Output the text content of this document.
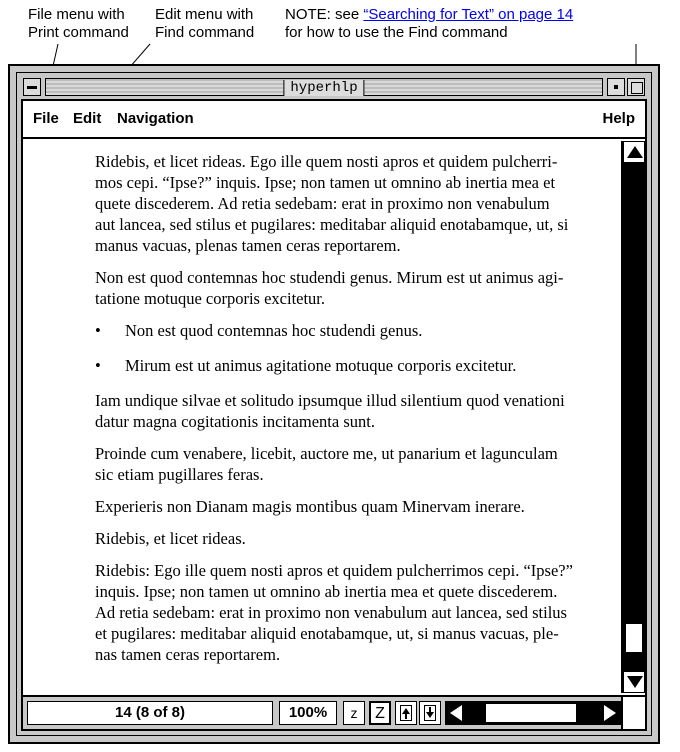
File menu with
Print command
Edit menu with
Find command
NOTE: see “Searching for Text” on page 14
for how to use the Find command
hyperhlp
File Edit Navigation	Help

Ridebis, et licet rideas. Ego ille quem nosti apros et quidem pulcherri-
mos cepi. “Ipse?” inquis. Ipse; non tamen ut omnino ab inertia mea et
quete discederem. Ad retia sedebam: erat in proximo non venabulum
aut lancea, sed stilus et pugilares: meditabar aliquid enotabamque, ut, si
manus vacuas, plenas tamen ceras reportarem.

Non est quod contemnas hoc studendi genus. Mirum est ut animus agi-
tatione motuque corporis excitetur.

• Non est quod contemnas hoc studendi genus.
• Mirum est ut animus agitatione motuque corporis excitetur.

Iam undique silvae et solitudo ipsumque illud silentium quod venationi
datur magna cogitationis incitamenta sunt.

Proinde cum venabere, licebit, auctore me, ut panarium et lagunculam
sic etiam pugillares feras.

Experieris non Dianam magis montibus quam Minervam inerare.

Ridebis, et licet rideas.

Ridebis: Ego ille quem nosti apros et quidem pulcherrimos cepi. “Ipse?”
inquis. Ipse; non tamen ut omnino ab inertia mea et quete discederem.
Ad retia sedebam: erat in proximo non venabulum aut lancea, sed stilus
et pugilares: meditabar aliquid enotabamque, ut, si manus vacuas, ple-
nas tamen ceras reportarem.

14 (8 of 8)	100%	z	Z
